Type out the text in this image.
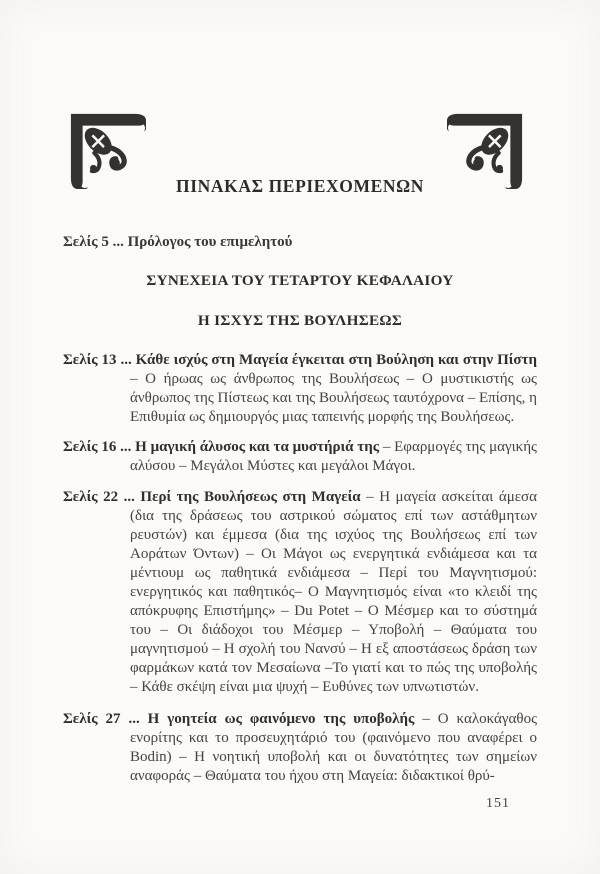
ΠΙΝΑΚΑΣ ΠΕΡΙΕΧΟΜΕΝΩΝ

Σελίς 5 ... Πρόλογος του επιμελητού

ΣΥΝΕΧΕΙΑ ΤΟΥ ΤΕΤΑΡΤΟΥ ΚΕΦΑΛΑΙΟΥ
Η ΙΣΧΥΣ ΤΗΣ ΒΟΥΛΗΣΕΩΣ

Σελίς 13 ... Κάθε ισχύς στη Μαγεία έγκειται στη Βούληση και στην Πίστη – Ο ήρωας ως άνθρωπος της Βουλήσεως – Ο μυστικιστής ως άνθρωπος της Πίστεως και της Βουλήσεως ταυτόχρονα – Επίσης, η Επιθυμία ως δημιουργός μιας ταπεινής μορφής της Βουλήσεως.

Σελίς 16 ... Η μαγική άλυσος και τα μυστήριά της – Εφαρμογές της μαγικής αλύσου – Μεγάλοι Μύστες και μεγάλοι Μάγοι.

Σελίς 22 ... Περί της Βουλήσεως στη Μαγεία – Η μαγεία ασκείται άμεσα (δια της δράσεως του αστρικού σώματος επί των αστάθμητων ρευστών) και έμμεσα (δια της ισχύος της Βουλήσεως επί των Αοράτων Όντων) – Οι Μάγοι ως ενεργητικά ενδιάμεσα και τα μέντιουμ ως παθητικά ενδιάμεσα – Περί του Μαγνητισμού: ενεργητικός και παθητικός– Ο Μαγνητισμός είναι «το κλειδί της απόκρυφης Επιστήμης» – Du Potet – Ο Μέσμερ και το σύστημά του – Οι διάδοχοι του Μέσμερ – Υποβολή – Θαύματα του μαγνητισμού – Η σχολή του Νανσύ – Η εξ αποστάσεως δράση των φαρμάκων κατά τον Μεσαίωνα –Το γιατί και το πώς της υποβολής – Κάθε σκέψη είναι μια ψυχή – Ευθύνες των υπνωτιστών.

Σελίς 27 ... Η γοητεία ως φαινόμενο της υποβολής – Ο καλοκάγαθος ενορίτης και το προσευχητάριό του (φαινόμενο που αναφέρει ο Bodin) – Η νοητική υποβολή και οι δυνατότητες των σημείων αναφοράς – Θαύματα του ήχου στη Μαγεία: διδακτικοί θρύ-

151
